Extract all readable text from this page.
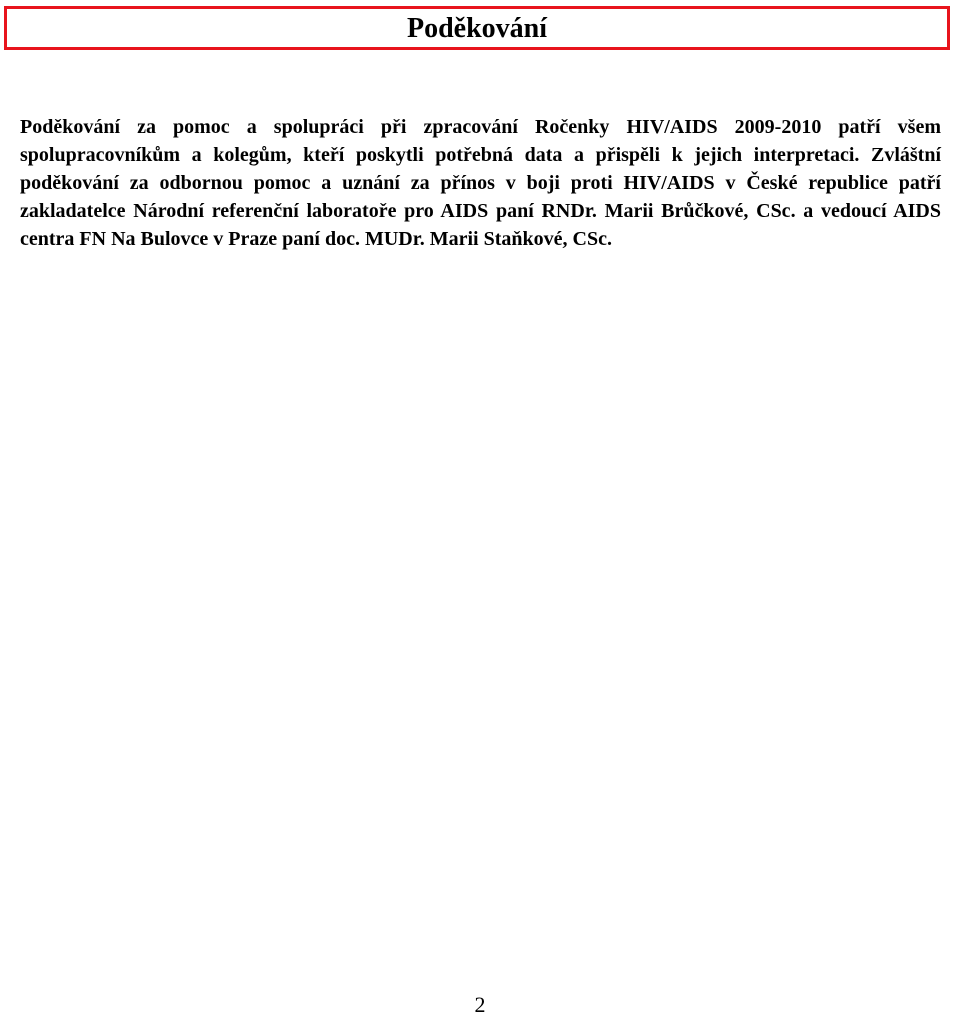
Poděkování

Poděkování za pomoc a spolupráci při zpracování Ročenky HIV/AIDS 2009-2010 patří všem spolupracovníkům a kolegům, kteří poskytli potřebná data a přispěli k jejich interpretaci. Zvláštní poděkování za odbornou pomoc a uznání za přínos v boji proti HIV/AIDS v České republice patří zakladatelce Národní referenční laboratoře pro AIDS paní RNDr. Marii Brůčkové, CSc. a vedoucí AIDS centra FN Na Bulovce v Praze paní doc. MUDr. Marii Staňkové, CSc.

2
